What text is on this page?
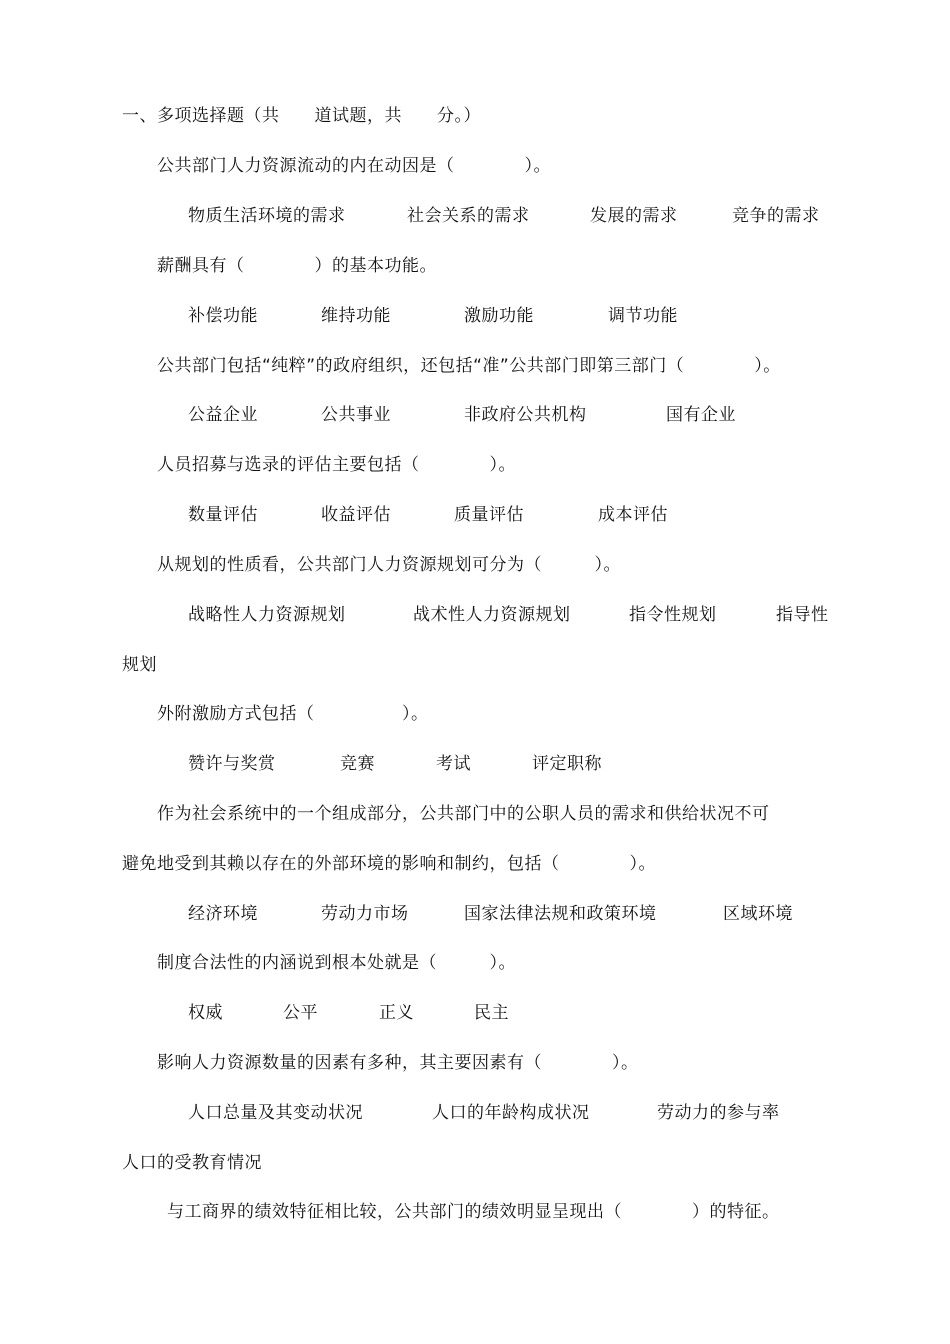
一、多项选择题（共　　道试题，共　　分。）
公共部门人力资源流动的内在动因是（　　　　）。
物质生活环境的需求	社会关系的需求	发展的需求	竞争的需求
薪酬具有（　　　　）的基本功能。
补偿功能	维持功能	激励功能	调节功能
公共部门包括“纯粹”的政府组织，还包括“准”公共部门即第三部门（　　　　）。
公益企业	公共事业	非政府公共机构	国有企业
人员招募与选录的评估主要包括（　　　　）。
数量评估	收益评估	质量评估	成本评估
从规划的性质看，公共部门人力资源规划可分为（　　　）。
战略性人力资源规划	战术性人力资源规划	指令性规划	指导性
规划
外附激励方式包括（　　　　　）。
赞许与奖赏	竞赛	考试	评定职称
作为社会系统中的一个组成部分，公共部门中的公职人员的需求和供给状况不可
避免地受到其赖以存在的外部环境的影响和制约，包括（　　　　）。
经济环境	劳动力市场	国家法律法规和政策环境	区域环境
制度合法性的内涵说到根本处就是（　　　）。
权威	公平	正义	民主
影响人力资源数量的因素有多种，其主要因素有（　　　　）。
人口总量及其变动状况	人口的年龄构成状况	劳动力的参与率
人口的受教育情况
与工商界的绩效特征相比较，公共部门的绩效明显呈现出（　　　　）的特征。
